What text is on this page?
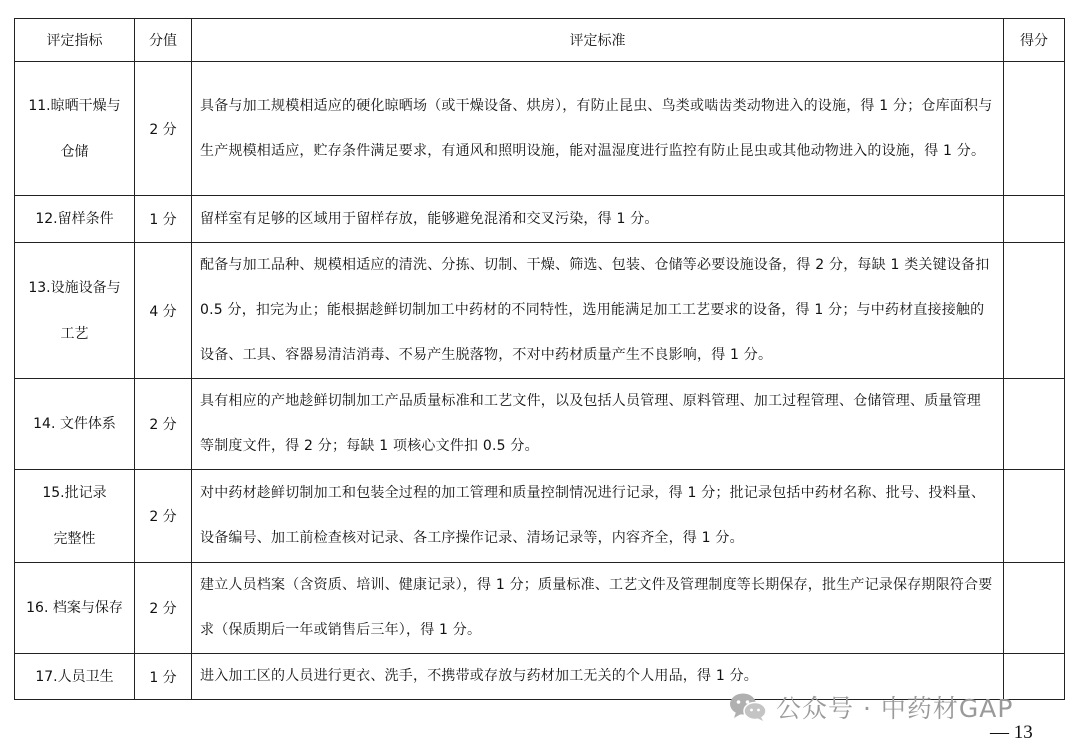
评定指标	分值	评定标准	得分

11.晾晒干燥与
仓储	2 分	具备与加工规模相适应的硬化晾晒场（或干燥设备、烘房），有防止昆虫、鸟类或啮齿类动物进入的设施，得 1 分；仓库面积与生产规模相适应，贮存条件满足要求，有通风和照明设施，能对温湿度进行监控有防止昆虫或其他动物进入的设施，得 1 分。	

12.留样条件	1 分	留样室有足够的区域用于留样存放，能够避免混淆和交叉污染，得 1 分。	

13.设施设备与
工艺	4 分	配备与加工品种、规模相适应的清洗、分拣、切制、干燥、筛选、包装、仓储等必要设施设备，得 2 分，每缺 1 类关键设备扣 0.5 分，扣完为止；能根据趁鲜切制加工中药材的不同特性，选用能满足加工工艺要求的设备，得 1 分；与中药材直接接触的设备、工具、容器易清洁消毒、不易产生脱落物，不对中药材质量产生不良影响，得 1 分。	

14. 文件体系	2 分	具有相应的产地趁鲜切制加工产品质量标准和工艺文件，以及包括人员管理、原料管理、加工过程管理、仓储管理、质量管理等制度文件，得 2 分；每缺 1 项核心文件扣 0.5 分。	

15.批记录
完整性	2 分	对中药材趁鲜切制加工和包装全过程的加工管理和质量控制情况进行记录，得 1 分；批记录包括中药材名称、批号、投料量、设备编号、加工前检查核对记录、各工序操作记录、清场记录等，内容齐全，得 1 分。	

16. 档案与保存	2 分	建立人员档案（含资质、培训、健康记录），得 1 分；质量标准、工艺文件及管理制度等长期保存，批生产记录保存期限符合要求（保质期后一年或销售后三年），得 1 分。	

17.人员卫生	1 分	进入加工区的人员进行更衣、洗手，不携带或存放与药材加工无关的个人用品，得 1 分。	
公众号 · 中药材GAP
— 13
